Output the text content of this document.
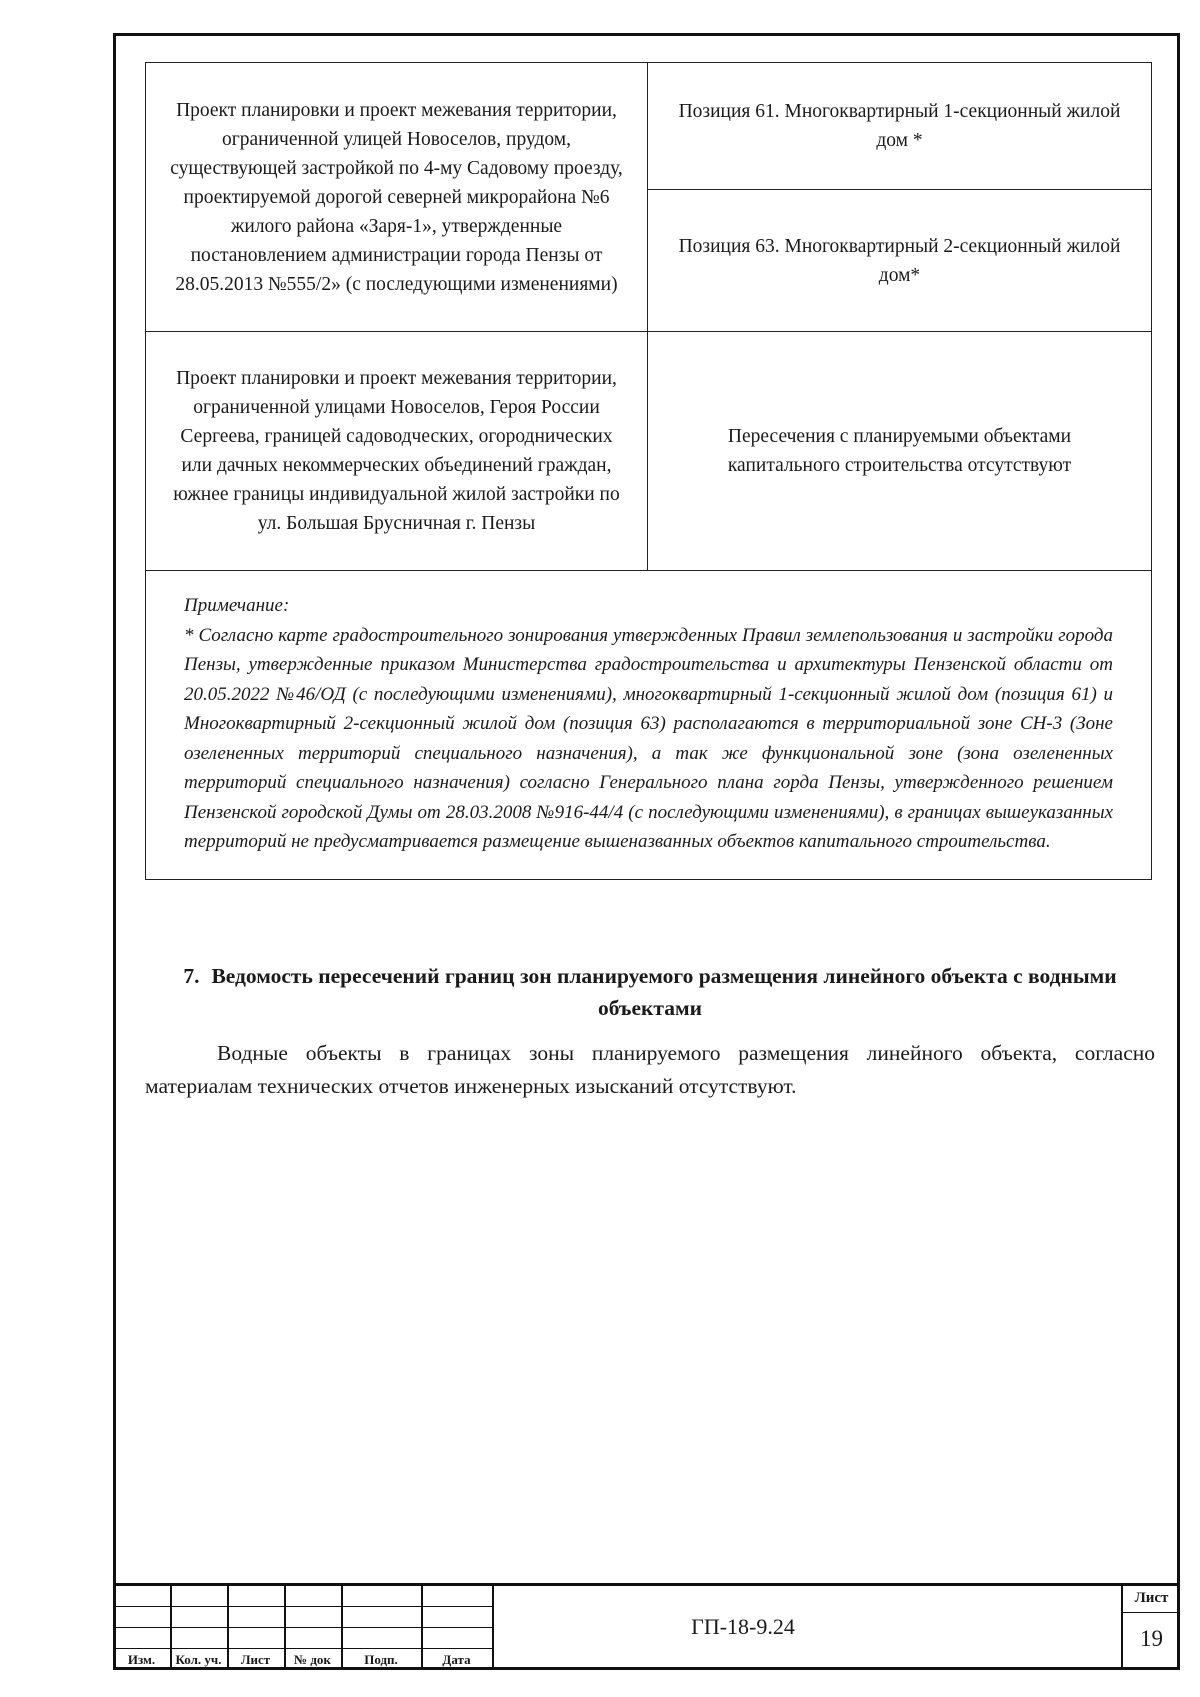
Проект планировки и проект межевания территории, ограниченной улицей Новоселов, прудом, существующей застройкой по 4-му Садовому проезду, проектируемой дорогой северней микрорайона №6 жилого района «Заря-1», утвержденные постановлением администрации города Пензы от 28.05.2013 №555/2» (с последующими изменениями)	Позиция 61. Многоквартирный 1-секционный жилой дом *
	Позиция 63. Многоквартирный 2-секционный жилой дом*
Проект планировки и проект межевания территории, ограниченной улицами Новоселов, Героя России Сергеева, границей садоводческих, огороднических или дачных некоммерческих объединений граждан, южнее границы индивидуальной жилой застройки по ул. Большая Брусничная г. Пензы	Пересечения с планируемыми объектами капитального строительства отсутствуют

Примечание:
* Согласно карте градостроительного зонирования утвержденных Правил землепользования и застройки города Пензы, утвержденные приказом Министерства градостроительства и архитектуры Пензенской области от 20.05.2022 №46/ОД (с последующими изменениями), многоквартирный 1-секционный жилой дом (позиция 61) и Многоквартирный 2-секционный жилой дом (позиция 63) располагаются в территориальной зоне СН-3 (Зоне озелененных территорий специального назначения), а так же функциональной зоне (зона озелененных территорий специального назначения) согласно Генерального плана горда Пензы, утвержденного решением Пензенской городской Думы от 28.03.2008 №916-44/4 (с последующими изменениями), в границах вышеуказанных территорий не предусматривается размещение вышеназванных объектов капитального строительства.	
7. Ведомость пересечений границ зон планируемого размещения линейного объекта с водными объектами
Водные объекты в границах зоны планируемого размещения линейного объекта, согласно материалам технических отчетов инженерных изысканий отсутствуют.
Изм.	Кол. уч.	Лист	№ док	Подп.	Дата
ГП-18-9.24
Лист
19
